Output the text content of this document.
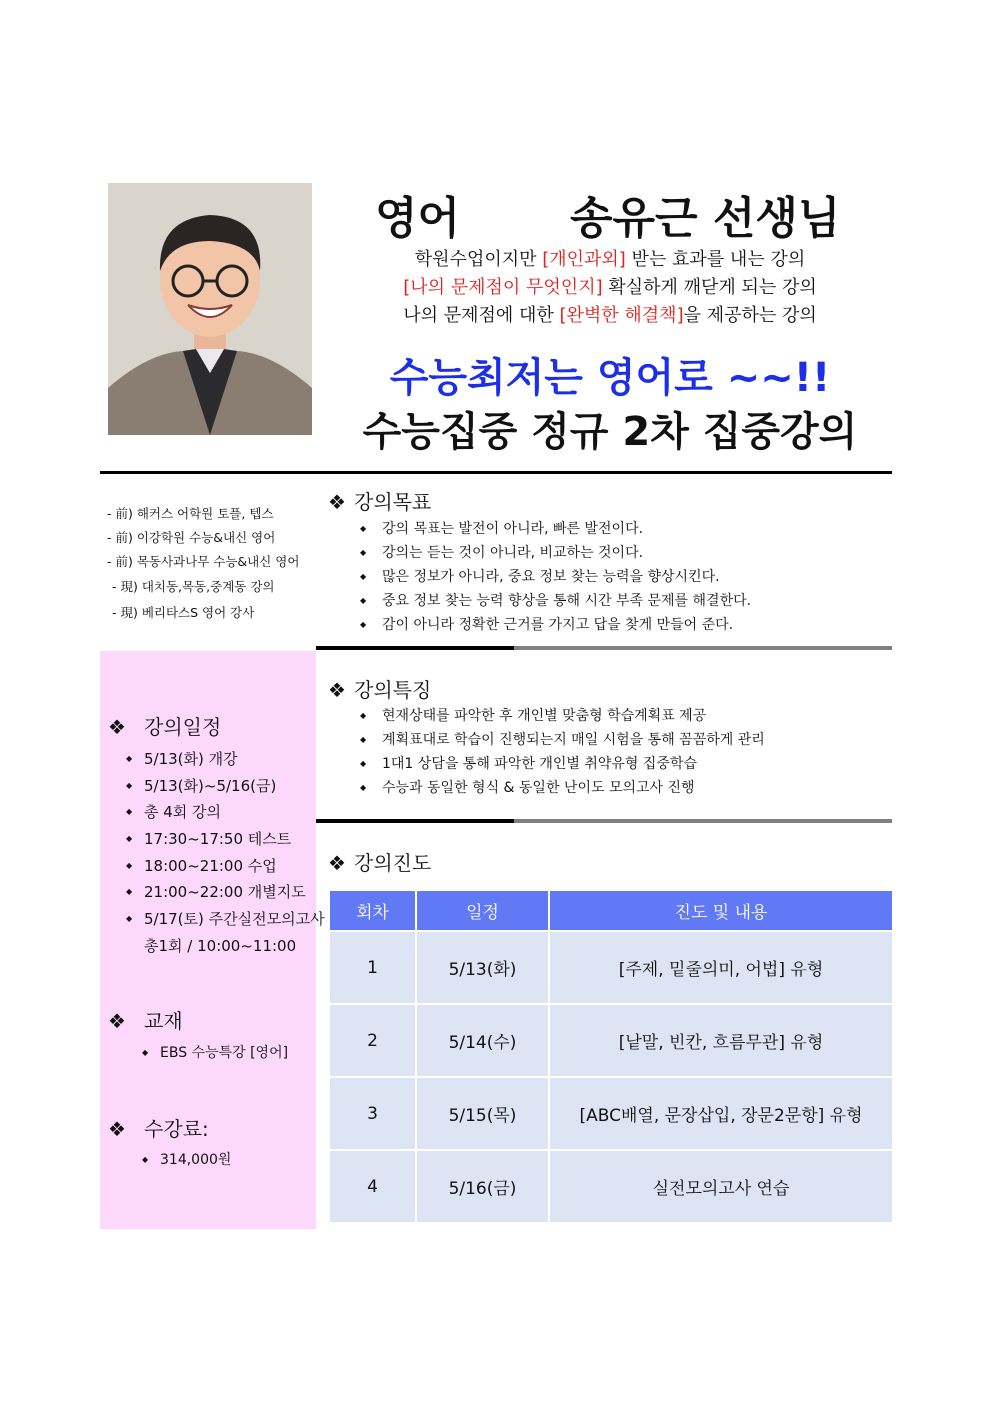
영어 송유근 선생님
학원수업이지만 [개인과외] 받는 효과를 내는 강의
[나의 문제점이 무엇인지] 확실하게 깨닫게 되는 강의
나의 문제점에 대한 [완벽한 해결책]을 제공하는 강의
수능최저는 영어로 ~~!!
수능집중 정규 2차 집중강의
- 前) 해커스 어학원 토플, 텝스
- 前) 이강학원 수능&내신 영어
- 前) 목동사과나무 수능&내신 영어
- 現) 대치동,목동,중계동 강의
- 現) 베리타스S 영어 강사
❖ 강의목표
◆ 강의 목표는 발전이 아니라, 빠른 발전이다.
◆ 강의는 듣는 것이 아니라, 비교하는 것이다.
◆ 많은 정보가 아니라, 중요 정보 찾는 능력을 향상시킨다.
◆ 중요 정보 찾는 능력 향상을 통해 시간 부족 문제를 해결한다.
◆ 감이 아니라 정확한 근거를 가지고 답을 찾게 만들어 준다.
❖ 강의일정
◆ 5/13(화) 개강
◆ 5/13(화)~5/16(금)
◆ 총 4회 강의
◆ 17:30~17:50 테스트
◆ 18:00~21:00 수업
◆ 21:00~22:00 개별지도
◆ 5/17(토) 주간실전모의고사
총1회 / 10:00~11:00
❖ 교재
◆ EBS 수능특강 [영어]
❖ 수강료:
◆ 314,000원
❖ 강의특징
◆ 현재상태를 파악한 후 개인별 맞춤형 학습계획표 제공
◆ 계획표대로 학습이 진행되는지 매일 시험을 통해 꼼꼼하게 관리
◆ 1대1 상담을 통해 파악한 개인별 취약유형 집중학습
◆ 수능과 동일한 형식 & 동일한 난이도 모의고사 진행
❖ 강의진도
회차	일정	진도 및 내용
1	5/13(화)	[주제, 밑줄의미, 어법] 유형
2	5/14(수)	[낱말, 빈칸, 흐름무관] 유형
3	5/15(목)	[ABC배열, 문장삽입, 장문2문항] 유형
4	5/16(금)	실전모의고사 연습
